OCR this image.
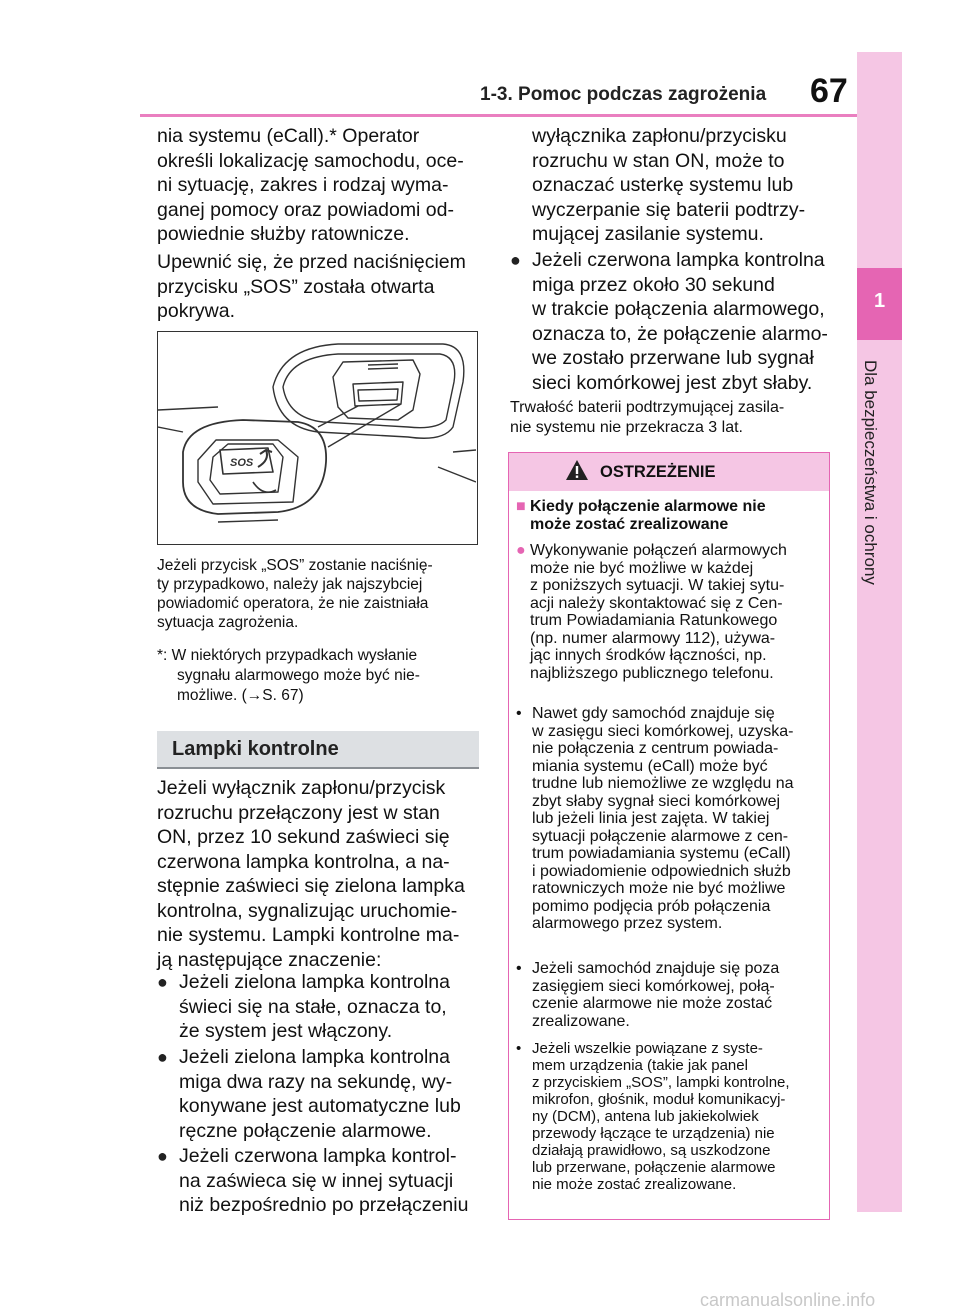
1-3. Pomoc podczas zagrożenia 67
1
Dla bezpieczeństwa i ochrony

nia systemu (eCall).* Operator

określi lokalizację samochodu, oce-

ni sytuację, zakres i rodzaj wyma-

ganej pomocy oraz powiadomi od-

powiednie służby ratownicze.

Upewnić się, że przed naciśnięciem

przycisku „SOS” została otwarta

pokrywa.

SOS

Jeżeli przycisk „SOS” zostanie naciśnię-

ty przypadkowo, należy jak najszybciej

powiadomić operatora, że nie zaistniała

sytuacja zagrożenia.

*: W niektórych przypadkach wysłanie

sygnału alarmowego może być nie-

możliwe. (→S. 67)

Lampki kontrolne

Jeżeli wyłącznik zapłonu/przycisk

rozruchu przełączony jest w stan

ON, przez 10 sekund zaświeci się

czerwona lampka kontrolna, a na-

stępnie zaświeci się zielona lampka

kontrolna, sygnalizując uruchomie-

nie systemu. Lampki kontrolne ma-

ją następujące znaczenie:

● Jeżeli zielona lampka kontrolna

świeci się na stałe, oznacza to,

że system jest włączony.

● Jeżeli zielona lampka kontrolna

miga dwa razy na sekundę, wy-

konywane jest automatyczne lub

ręczne połączenie alarmowe.

● Jeżeli czerwona lampka kontrol-

na zaświeca się w innej sytuacji

niż bezpośrednio po przełączeniu

wyłącznika zapłonu/przycisku

rozruchu w stan ON, może to

oznaczać usterkę systemu lub

wyczerpanie się baterii podtrzy-

mującej zasilanie systemu.

● Jeżeli czerwona lampka kontrolna

miga przez około 30 sekund

w trakcie połączenia alarmowego,

oznacza to, że połączenie alarmo-

we zostało przerwane lub sygnał

sieci komórkowej jest zbyt słaby.

Trwałość baterii podtrzymującej zasila-

nie systemu nie przekracza 3 lat.

OSTRZEŻENIE
■ Kiedy połączenie alarmowe nie

może zostać zrealizowane

● Wykonywanie połączeń alarmowych

może nie być możliwe w każdej

z poniższych sytuacji. W takiej sytu-

acji należy skontaktować się z Cen-

trum Powiadamiania Ratunkowego

(np. numer alarmowy 112), używa-

jąc innych środków łączności, np.

najbliższego publicznego telefonu.

• Nawet gdy samochód znajduje się

w zasięgu sieci komórkowej, uzyska-

nie połączenia z centrum powiada-

miania systemu (eCall) może być

trudne lub niemożliwe ze względu na

zbyt słaby sygnał sieci komórkowej

lub jeżeli linia jest zajęta. W takiej

sytuacji połączenie alarmowe z cen-

trum powiadamiania systemu (eCall)

i powiadomienie odpowiednich służb

ratowniczych może nie być możliwe

pomimo podjęcia prób połączenia

alarmowego przez system.

• Jeżeli samochód znajduje się poza

zasięgiem sieci komórkowej, połą-

czenie alarmowe nie może zostać

zrealizowane.

• Jeżeli wszelkie powiązane z syste-

mem urządzenia (takie jak panel

z przyciskiem „SOS”, lampki kontrolne,

mikrofon, głośnik, moduł komunikacyj-

ny (DCM), antena lub jakiekolwiek

przewody łączące te urządzenia) nie

działają prawidłowo, są uszkodzone

lub przerwane, połączenie alarmowe

nie może zostać zrealizowane.

carmanualsonline.info
